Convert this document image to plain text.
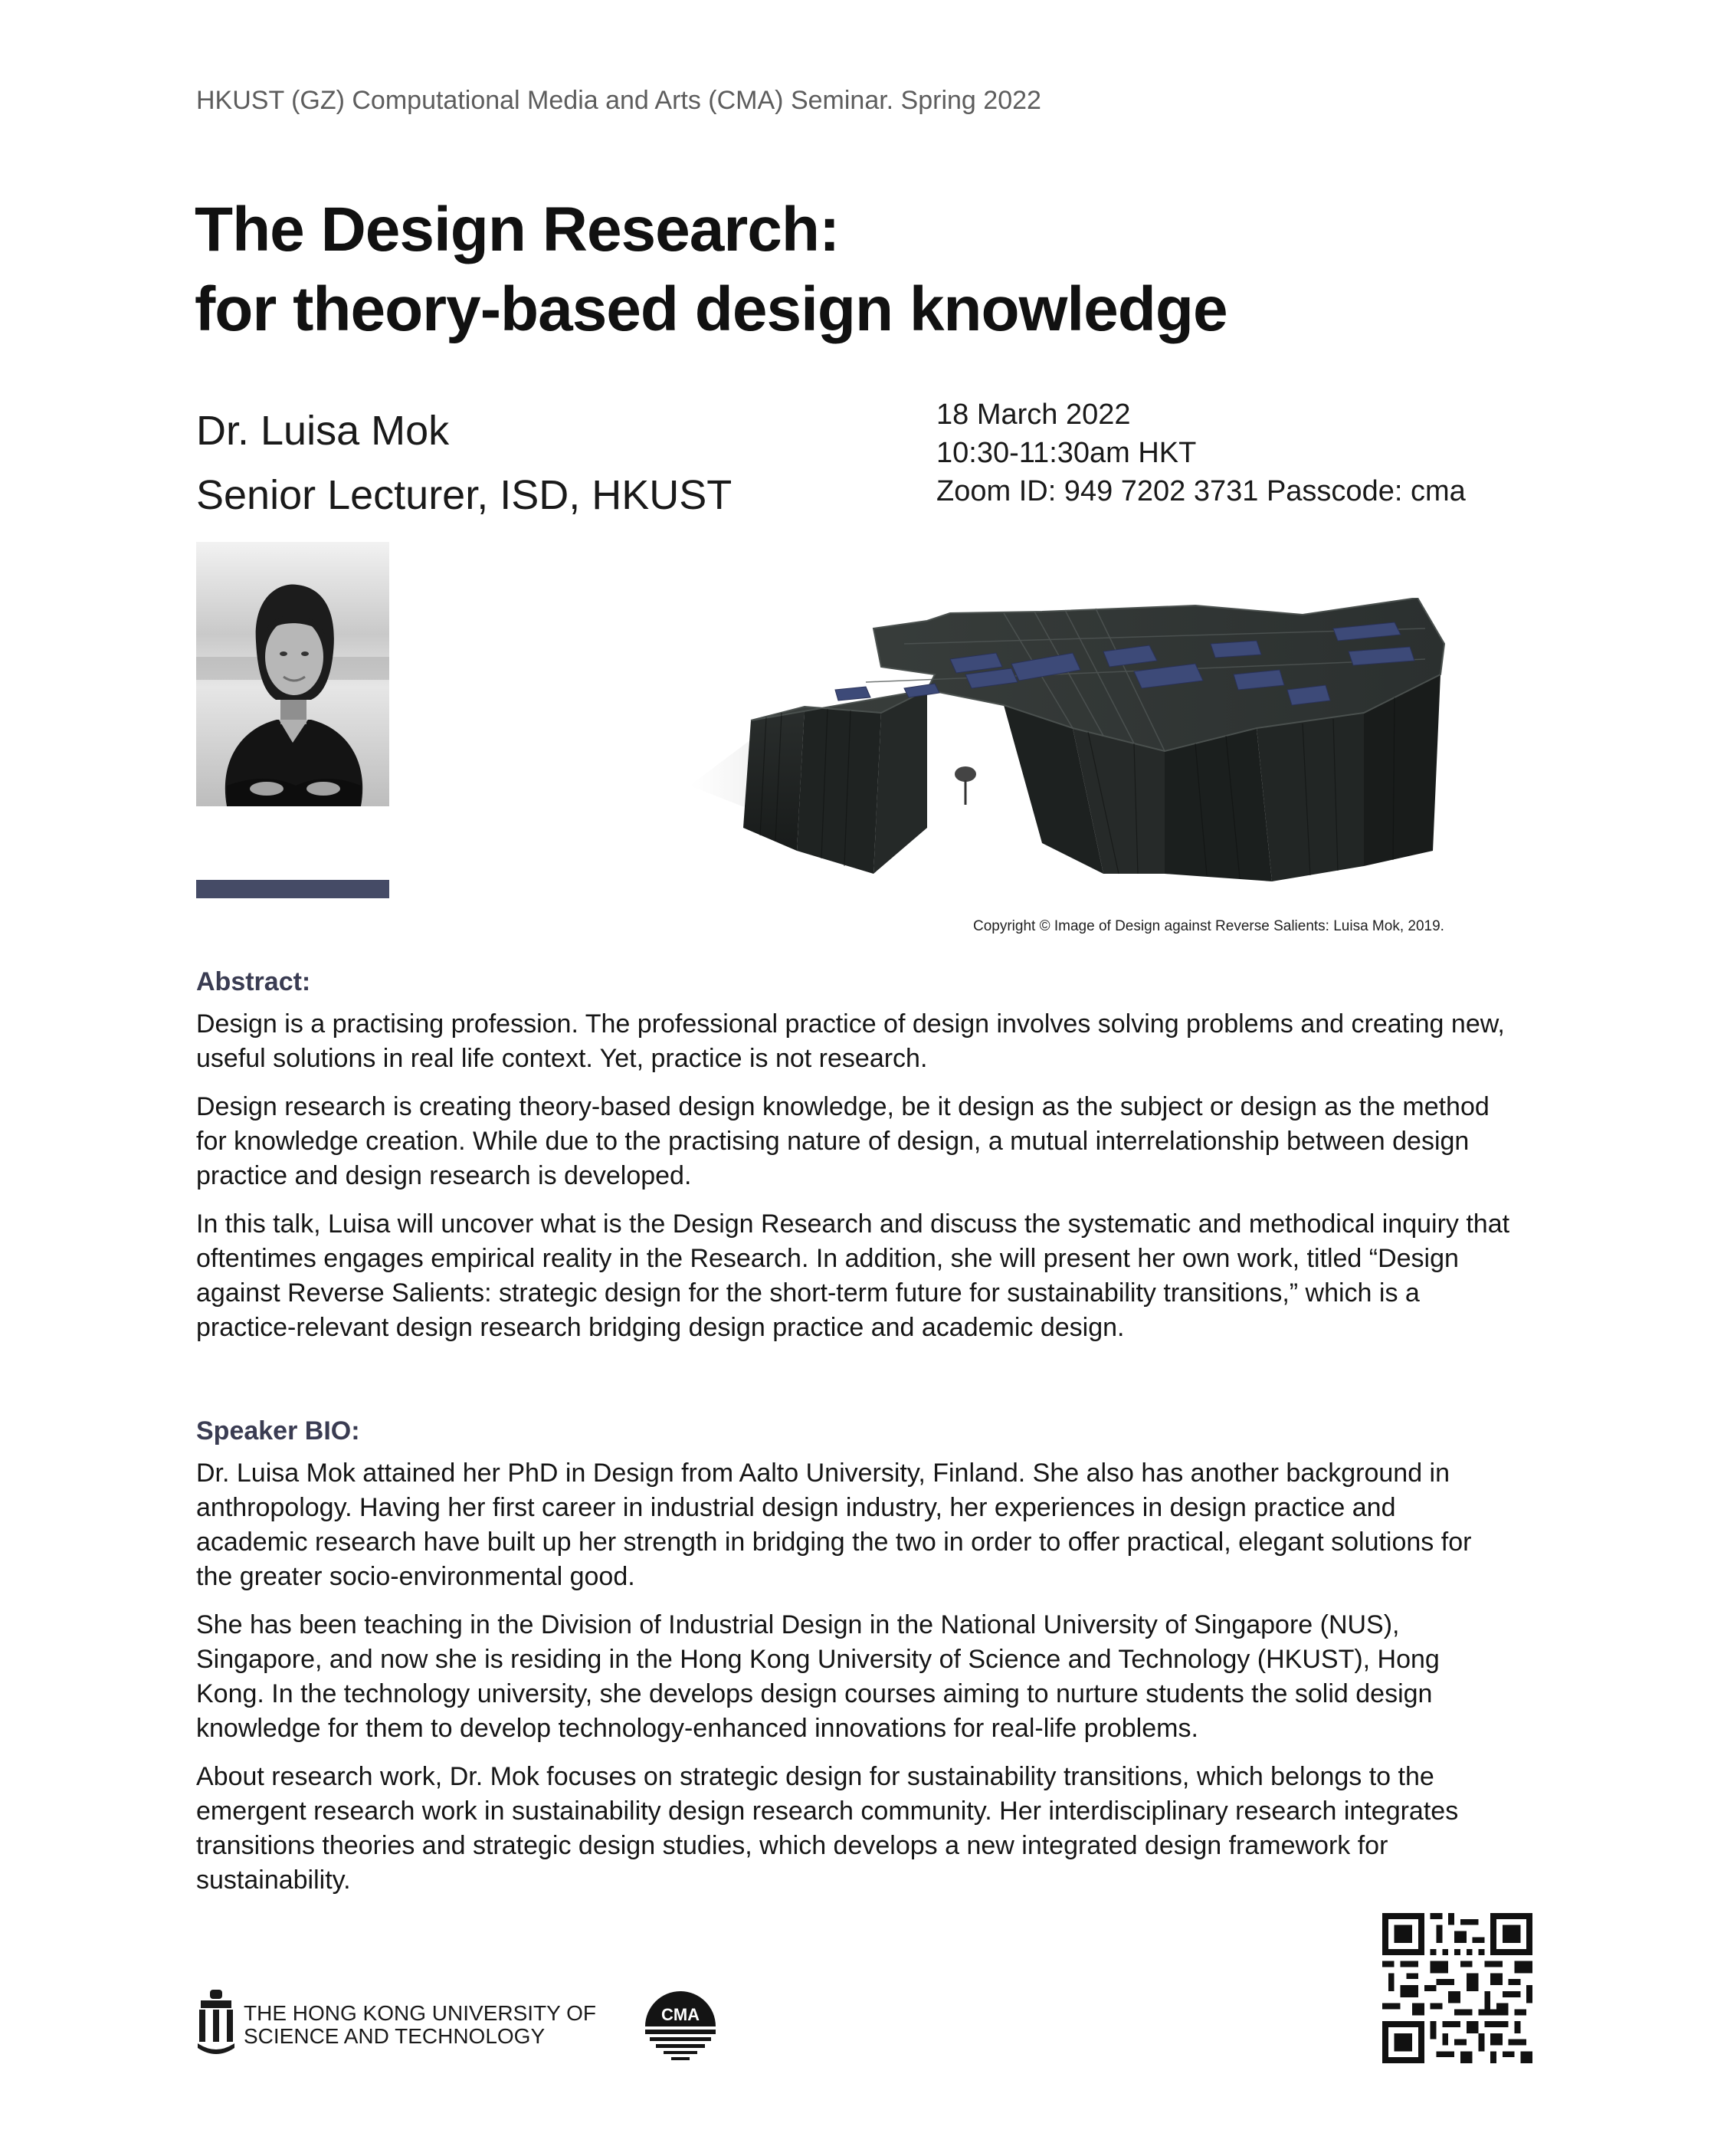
HKUST (GZ) Computational Media and Arts (CMA) Seminar. Spring 2022
The Design Research:
for theory-based design knowledge
Dr. Luisa Mok
Senior Lecturer, ISD, HKUST
18 March 2022
10:30-11:30am HKT
Zoom ID: 949 7202 3731 Passcode: cma
Copyright © Image of Design against Reverse Salients: Luisa Mok, 2019.
Abstract:

Design is a practising profession. The professional practice of design involves solving problems and creating new, useful solutions in real life context. Yet, practice is not research.

Design research is creating theory-based design knowledge, be it design as the subject or design as the method for knowledge creation. While due to the practising nature of design, a mutual interrelationship between design practice and design research is developed.

In this talk, Luisa will uncover what is the Design Research and discuss the systematic and methodical inquiry that oftentimes engages empirical reality in the Research. In addition, she will present her own work, titled “Design against Reverse Salients: strategic design for the short-term future for sustainability transitions,” which is a practice-relevant design research bridging design practice and academic design.

Speaker BIO:

Dr. Luisa Mok attained her PhD in Design from Aalto University, Finland. She also has another background in anthropology. Having her first career in industrial design industry, her experiences in design practice and academic research have built up her strength in bridging the two in order to offer practical, elegant solutions for the greater socio-environmental good.

She has been teaching in the Division of Industrial Design in the National University of Singapore (NUS), Singapore, and now she is residing in the Hong Kong University of Science and Technology (HKUST), Hong Kong. In the technology university, she develops design courses aiming to nurture students the solid design knowledge for them to develop technology-enhanced innovations for real-life problems.

About research work, Dr. Mok focuses on strategic design for sustainability transitions, which belongs to the emergent research work in sustainability design research community. Her interdisciplinary research integrates transitions theories and strategic design studies, which develops a new integrated design framework for sustainability.

THE HONG KONG UNIVERSITY OF
SCIENCE AND TECHNOLOGY
CMA
